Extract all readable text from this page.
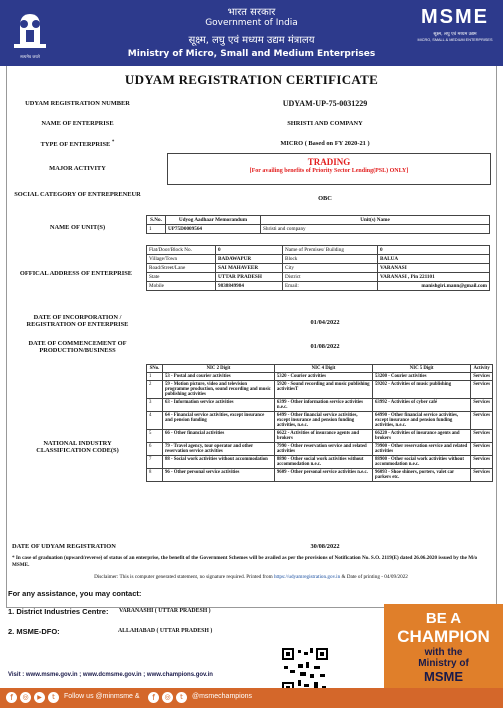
सत्यमेव जयते
भारत सरकार
Government of India
सूक्ष्म, लघु एवं मध्यम उद्यम मंत्रालय
Ministry of Micro, Small and Medium Enterprises
MSME
सूक्ष्म, लघु एवं मध्यम उद्यम
MICRO, SMALL & MEDIUM ENTERPRISES
UDYAM REGISTRATION CERTIFICATE
UDYAM REGISTRATION NUMBER	UDYAM-UP-75-0031229
NAME OF ENTERPRISE	SHRISTI AND COMPANY
TYPE OF ENTERPRISE *	MICRO ( Based on FY 2020-21 )
MAJOR ACTIVITY
TRADING
[For availing benefits of Priority Sector Lending(PSL) ONLY]
SOCIAL CATEGORY OF ENTREPRENEUR
OBC
NAME OF UNIT(S)
S.No.	Udyog Aadhaar Memorandum	Unit(s) Name
1	UP75D0009564	Shristi and company
OFFICAL ADDRESS OF ENTERPRISE
Flat/Door/Block No.	0	Name of Premises/ Building	0
Village/Town	BADAWAPUR	Block	BALUA
Road/Street/Lane	SAI MAHAVEER	City	VARANASI
State	UTTAR PRADESH	District	VARANASI , Pin 221101
Mobile	9838849984	Email:	manishgiri.mann@gmail.com
DATE OF INCORPORATION / REGISTRATION OF ENTERPRISE	01/04/2022
DATE OF COMMENCEMENT OF PRODUCTION/BUSINESS
01/08/2022
NATIONAL INDUSTRY CLASSIFICATION CODE(S)
SNo.	NIC 2 Digit	NIC 4 Digit	NIC 5 Digit	Activity
1	53 - Postal and courier activities	5320 - Courier activities	53200 - Courier activities	Services
2	59 - Motion picture, video and television programme production, sound recording and music publishing activities	5920 - Sound recording and music publishing activitiesT	59202 - Activities of music publishing	Services
3	63 - Information service activities	6399 - Other information service activities n.e.c.	63992 - Activities of cyber café	Services
4	64 - Financial service activities, except insurance and pension funding	6499 - Other financial service activities, except insurance and pension funding activities, n.e.c.	64990 - Other financial service activities, except insurance and pension funding activities, n.e.c.	Services
5	66 - Other financial activities	6622 - Activities of insurance agents and brokers	66220 - Activities of insurance agents and brokers	Services
6	79 - Travel agency, tour operator and other reservation service activities	7990 - Other reservation service and related activities	79900 - Other reservation service and related activities	Services
7	88 - Social work activities without accommodation	8890 - Other social work activities without accommodation n.e.c.	88900 - Other social work activities without accommodation n.e.c.	Services
8	96 - Other personal service activities	9609 - Other personal service activities n.e.c.	96093 - Shoe shiners, porters, valet car parkers etc.	Services
DATE OF UDYAM REGISTRATION	30/08/2022
* In case of graduation (upward/reverse) of status of an enterprise, the benefit of the Government Schemes will be availed as per the provisions of Notification No. S.O. 2119(E) dated 26.06.2020 issued by the M/o MSME.
Disclaimer: This is computer generated statement, no signature required. Printed from https://udyamregistration.gov.in & Date of printing - 04/09/2022
For any assistance, you may contact:
1. District Industries Centre: VARANASHI ( UTTAR PRADESH )
2. MSME-DFO:	ALLAHABAD ( UTTAR PRADESH )
BE A
CHAMPION
with the
Ministry of
MSME
Visit : www.msme.gov.in ; www.dcmsme.gov.in ; www.champions.gov.in
f	◎	▶	t	Follow us @minmsme &	f	◎	t	@msmechampions
